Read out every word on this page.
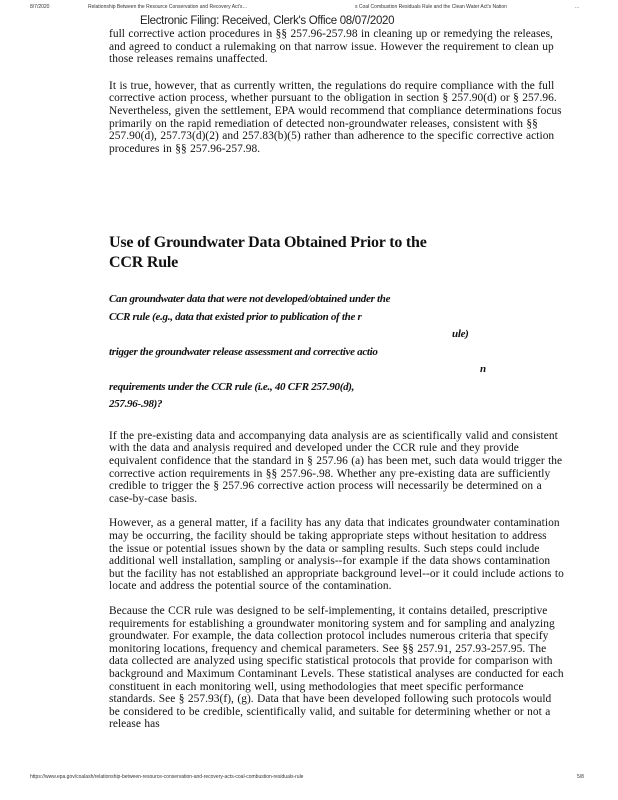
8/7/2020	Relationship Between the Resource Conservation and Recovery Act's…	s Coal Combustion Residuals Rule and the Clean Water Act's Nation	...
Electronic Filing: Received, Clerk's Office 08/07/2020

full corrective action procedures in §§ 257.96-257.98 in cleaning up or remedying the releases, and agreed to conduct a rulemaking on that narrow issue. However the requirement to clean up those releases remains unaffected.

It is true, however, that as currently written, the regulations do require compliance with the full corrective action process, whether pursuant to the obligation in section § 257.90(d) or § 257.96. Nevertheless, given the settlement, EPA would recommend that compliance determinations focus primarily on the rapid remediation of detected non-groundwater releases, consistent with §§ 257.90(d), 257.73(d)(2) and 257.83(b)(5) rather than adherence to the specific corrective action procedures in §§ 257.96-257.98.

Use of Groundwater Data Obtained Prior to the CCR Rule
Can groundwater data that were not developed/obtained under the
CCR rule (e.g., data that existed prior to publication of the r
ule)
trigger the groundwater release assessment and corrective actio
n
requirements under the CCR rule (i.e., 40 CFR 257.90(d),
257.96-.98)?

If the pre-existing data and accompanying data analysis are as scientifically valid and consistent with the data and analysis required and developed under the CCR rule and they provide equivalent confidence that the standard in § 257.96 (a) has been met, such data would trigger the corrective action requirements in §§ 257.96-.98. Whether any pre-existing data are sufficiently credible to trigger the § 257.96 corrective action process will necessarily be determined on a case-by-case basis.

However, as a general matter, if a facility has any data that indicates groundwater contamination may be occurring, the facility should be taking appropriate steps without hesitation to address the issue or potential issues shown by the data or sampling results. Such steps could include additional well installation, sampling or analysis--for example if the data shows contamination but the facility has not established an appropriate background level--or it could include actions to locate and address the potential source of the contamination.

Because the CCR rule was designed to be self-implementing, it contains detailed, prescriptive requirements for establishing a groundwater monitoring system and for sampling and analyzing groundwater. For example, the data collection protocol includes numerous criteria that specify monitoring locations, frequency and chemical parameters. See §§ 257.91, 257.93-257.95. The data collected are analyzed using specific statistical protocols that provide for comparison with background and Maximum Contaminant Levels. These statistical analyses are conducted for each constituent in each monitoring well, using methodologies that meet specific performance standards. See § 257.93(f), (g). Data that have been developed following such protocols would be considered to be credible, scientifically valid, and suitable for determining whether or not a release has

https://www.epa.gov/coalash/relationship-between-resource-conservation-and-recovery-acts-coal-combustion-residuals-rule	5/8
